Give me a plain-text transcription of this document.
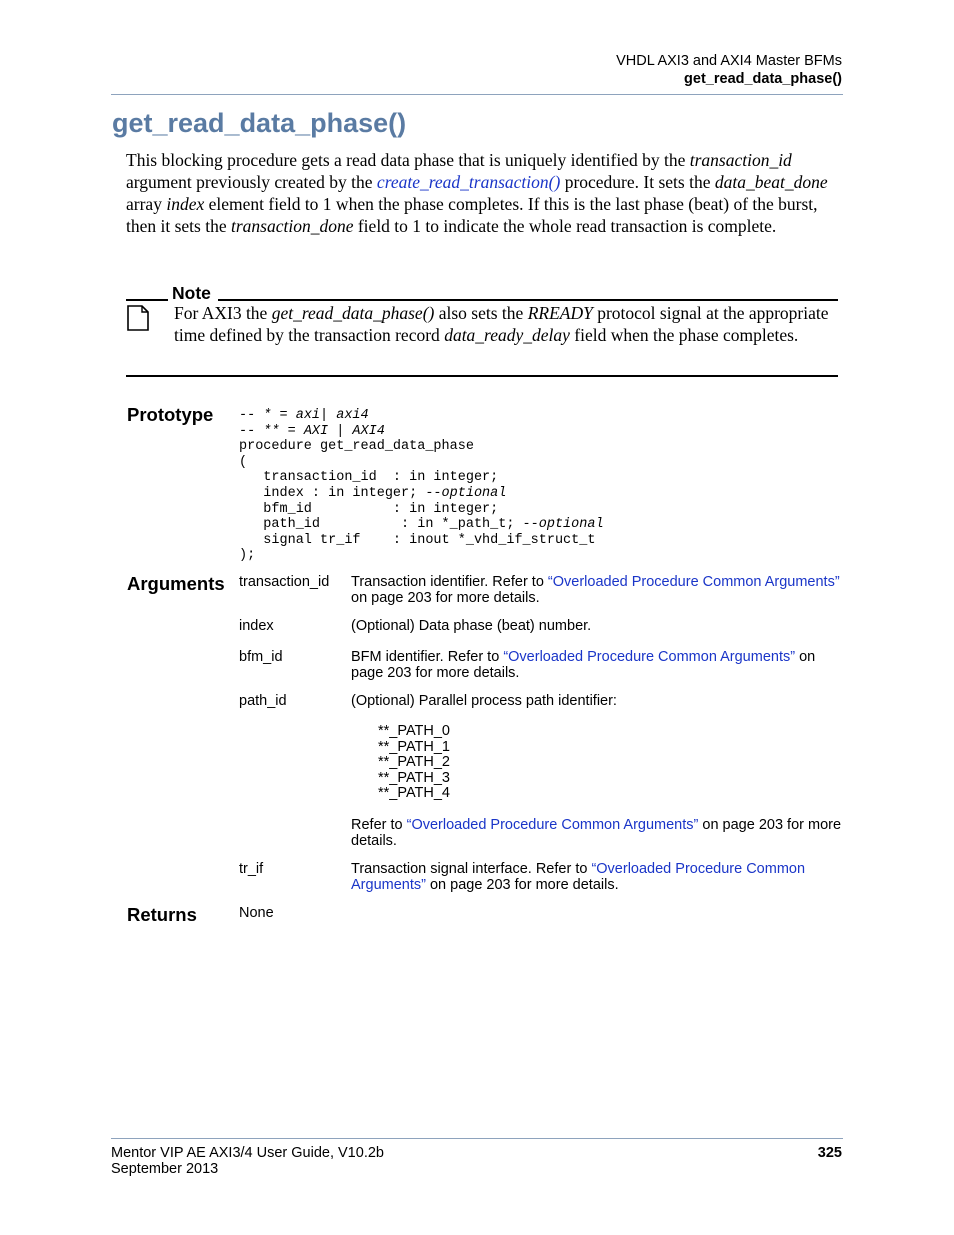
VHDL AXI3 and AXI4 Master BFMs
get_read_data_phase()
get_read_data_phase()

This blocking procedure gets a read data phase that is uniquely identified by the transaction_id argument previously created by the create_read_transaction() procedure. It sets the data_beat_done array index element field to 1 when the phase completes. If this is the last phase (beat) of the burst, then it sets the transaction_done field to 1 to indicate the whole read transaction is complete.

Note
For AXI3 the get_read_data_phase() also sets the RREADY protocol signal at the appropriate time defined by the transaction record data_ready_delay field when the phase completes.
Prototype -- * = axi| axi4
-- ** = AXI | AXI4
procedure get_read_data_phase
(
transaction_id  : in integer;
index : in integer; --optional
bfm_id          : in integer;
path_id          : in *_path_t; --optional
signal tr_if    : inout *_vhd_if_struct_t
);
Arguments transaction_id Transaction identifier. Refer to “Overloaded Procedure Common Arguments” on page 203 for more details.
index	(Optional) Data phase (beat) number.
bfm_id	BFM identifier. Refer to “Overloaded Procedure Common Arguments” on page 203 for more details.
path_id	(Optional) Parallel process path identifier:
**_PATH_0
**_PATH_1
**_PATH_2
**_PATH_3
**_PATH_4
Refer to “Overloaded Procedure Common Arguments” on page 203 for more details.
tr_if	Transaction signal interface. Refer to “Overloaded Procedure Common Arguments” on page 203 for more details.
Returns	None
Mentor VIP AE AXI3/4 User Guide, V10.2b
September 2013
325
